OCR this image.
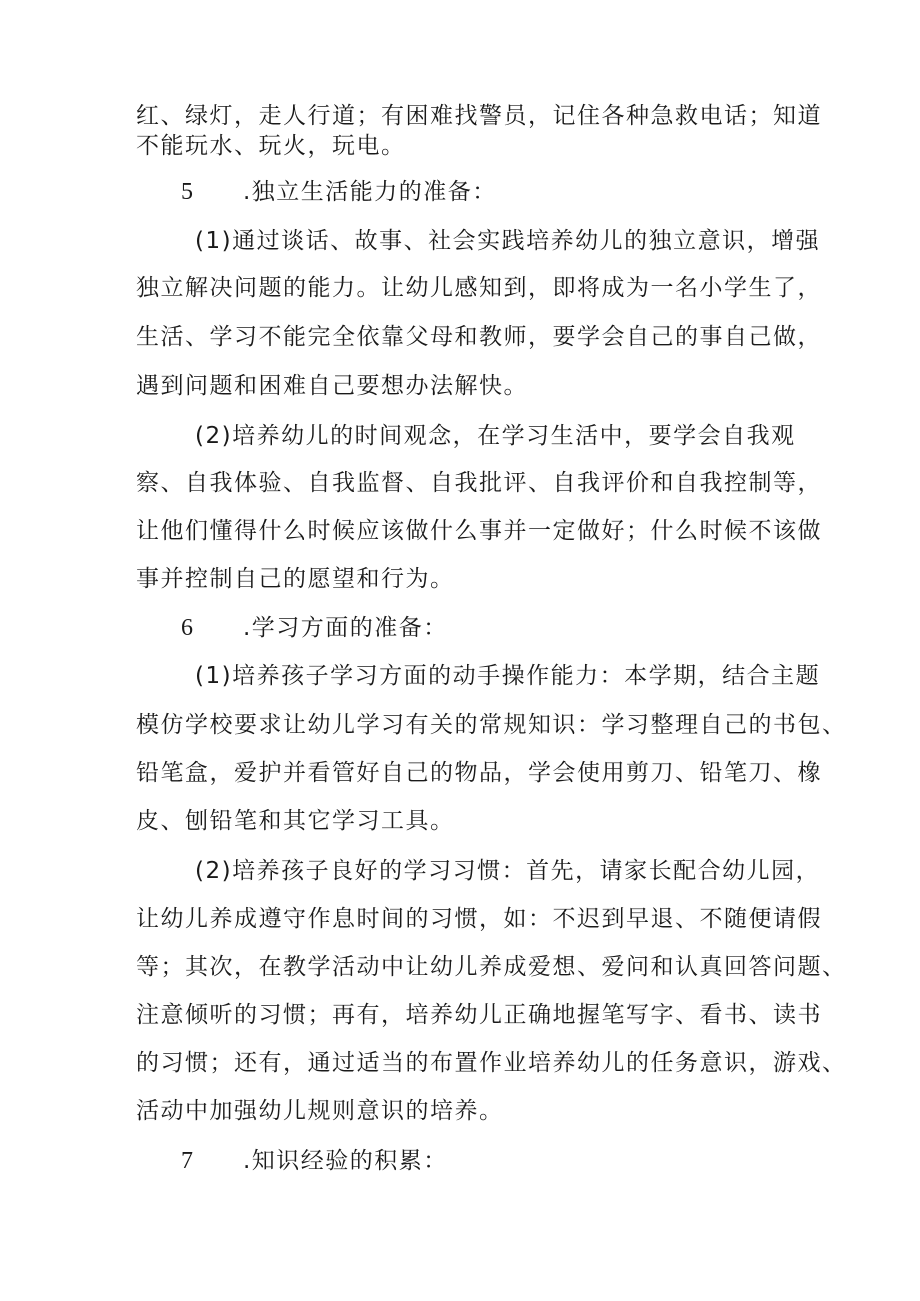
红、绿灯，走人行道；有困难找警员，记住各种急救电话；知道
不能玩水、玩火，玩电。
5	.独立生活能力的准备：
(1)通过谈话、故事、社会实践培养幼儿的独立意识，增强
独立解决问题的能力。让幼儿感知到，即将成为一名小学生了，
生活、学习不能完全依靠父母和教师，要学会自己的事自己做，
遇到问题和困难自己要想办法解快。
(2)培养幼儿的时间观念，在学习生活中，要学会自我观
察、自我体验、自我监督、自我批评、自我评价和自我控制等，
让他们懂得什么时候应该做什么事并一定做好；什么时候不该做
事并控制自己的愿望和行为。
6	.学习方面的准备：
(1)培养孩子学习方面的动手操作能力：本学期，结合主题
模仿学校要求让幼儿学习有关的常规知识：学习整理自己的书包、
铅笔盒，爱护并看管好自己的物品，学会使用剪刀、铅笔刀、橡
皮、刨铅笔和其它学习工具。
(2)培养孩子良好的学习习惯：首先，请家长配合幼儿园，
让幼儿养成遵守作息时间的习惯，如：不迟到早退、不随便请假
等；其次，在教学活动中让幼儿养成爱想、爱问和认真回答问题、
注意倾听的习惯；再有，培养幼儿正确地握笔写字、看书、读书
的习惯；还有，通过适当的布置作业培养幼儿的任务意识，游戏、
活动中加强幼儿规则意识的培养。
7	.知识经验的积累：
